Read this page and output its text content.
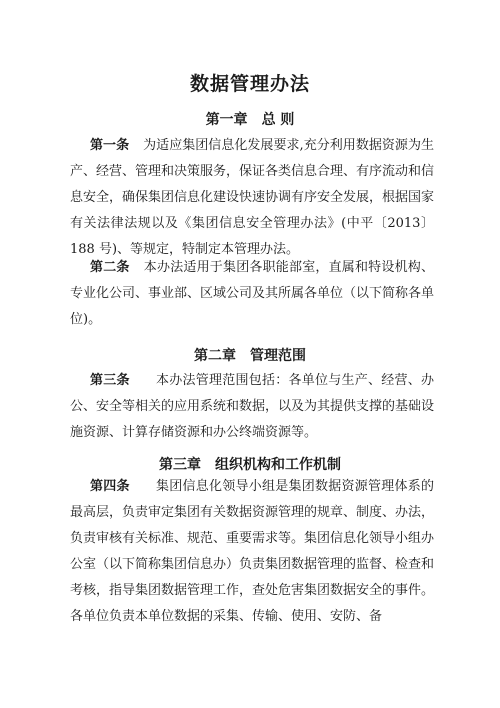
数据管理办法
第一章 总 则

第一条 为适应集团信息化发展要求,充分利用数据资源为生产、经营、管理和决策服务，保证各类信息合理、有序流动和信息安全，确保集团信息化建设快速协调有序安全发展，根据国家有关法律法规以及《集团信息安全管理办法》(中平〔2013〕188 号)、等规定，特制定本管理办法。

第二条 本办法适用于集团各职能部室，直属和特设机构、专业化公司、事业部、区域公司及其所属各单位（以下简称各单位)。

第二章 管理范围

第三条 本办法管理范围包括：各单位与生产、经营、办公、安全等相关的应用系统和数据，以及为其提供支撑的基础设施资源、计算存储资源和办公终端资源等。

第三章 组织机构和工作机制

第四条 集团信息化领导小组是集团数据资源管理体系的最高层，负责审定集团有关数据资源管理的规章、制度、办法，负责审核有关标准、规范、重要需求等。集团信息化领导小组办公室（以下简称集团信息办）负责集团数据管理的监督、检查和考核，指导集团数据管理工作，查处危害集团数据安全的事件。各单位负责本单位数据的采集、传输、使用、安防、备
